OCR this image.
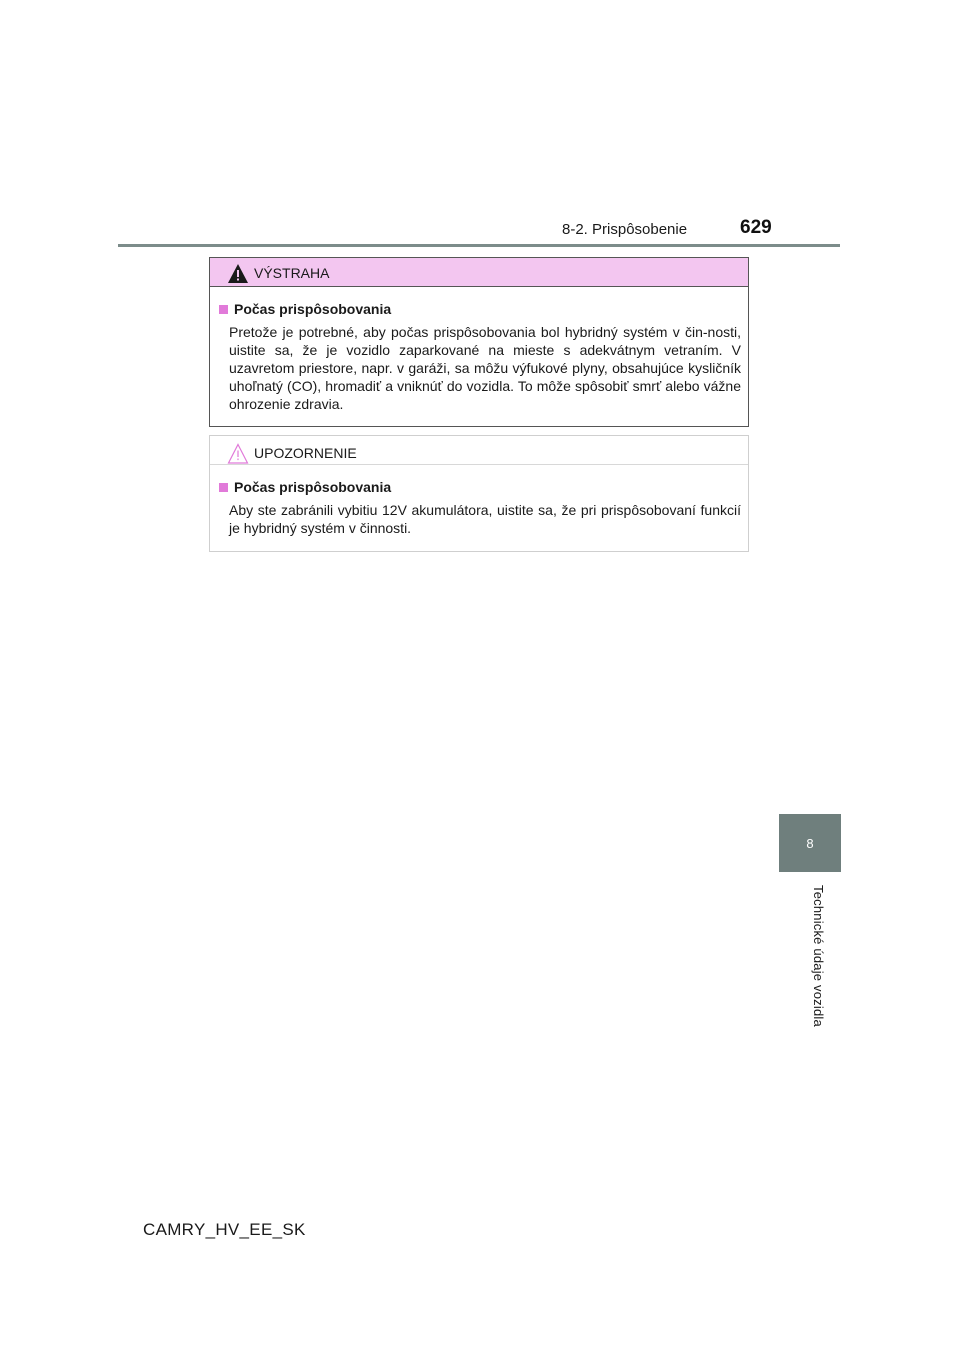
8-2. Prispôsobenie	629
8
Technické údaje vozidla
VÝSTRAHA
Počas prispôsobovania
Pretože je potrebné, aby počas prispôsobovania bol hybridný systém v čin-nosti, uistite sa, že je vozidlo zaparkované na mieste s adekvátnym vetraním. V uzavretom priestore, napr. v garáži, sa môžu výfukové plyny, obsahujúce kysličník uhoľnatý (CO), hromadiť a vniknúť do vozidla. To môže spôsobiť smrť alebo vážne ohrozenie zdravia.
UPOZORNENIE
Počas prispôsobovania
Aby ste zabránili vybitiu 12V akumulátora, uistite sa, že pri prispôsobovaní funkcií je hybridný systém v činnosti.
CAMRY_HV_EE_SK
